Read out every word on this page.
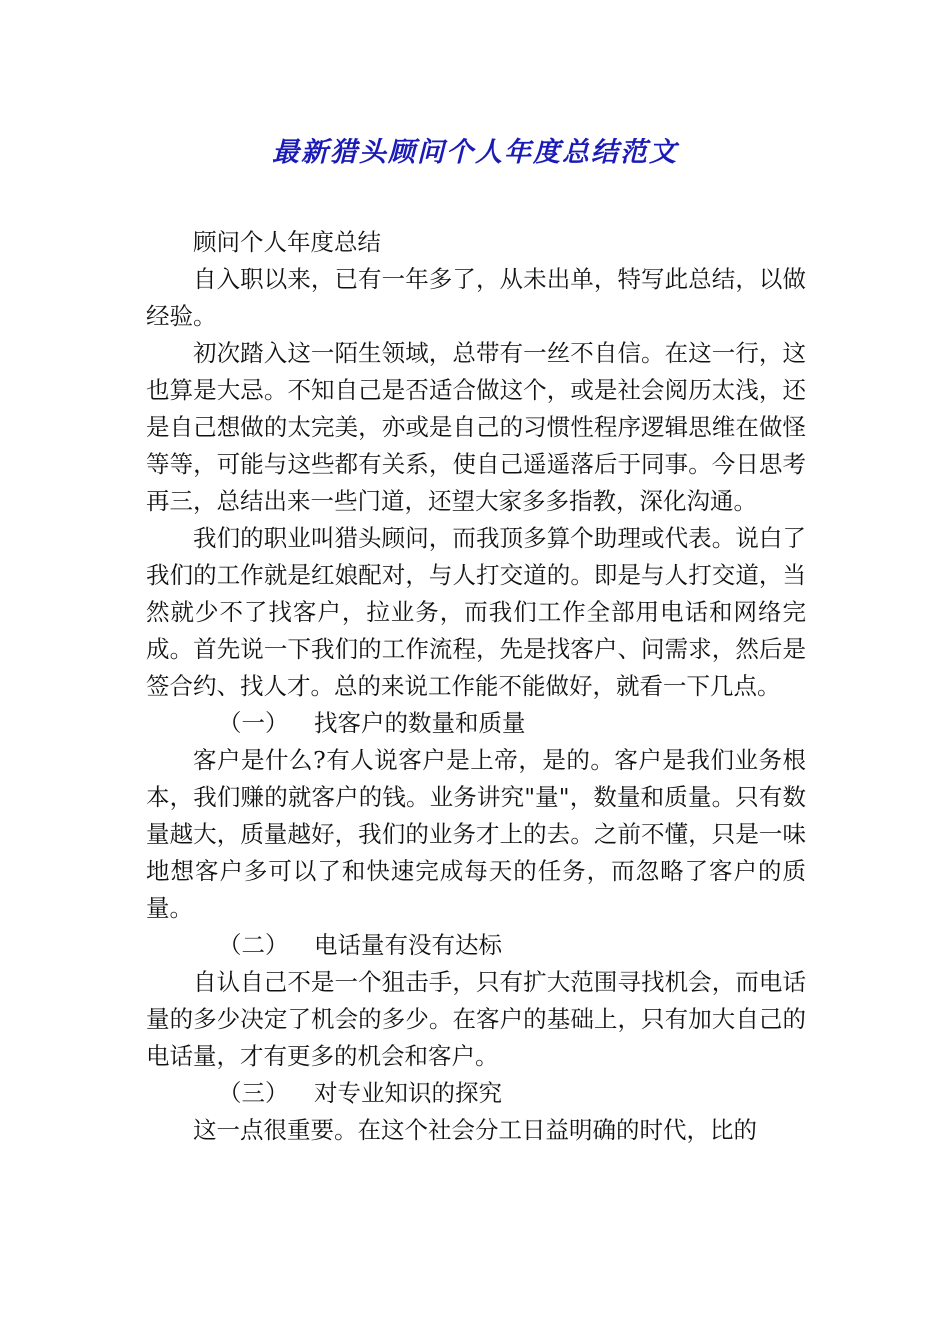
最新猎头顾问个人年度总结范文

顾问个人年度总结

自入职以来，已有一年多了，从未出单，特写此总结，以做经验。

初次踏入这一陌生领域，总带有一丝不自信。在这一行，这也算是大忌。不知自己是否适合做这个，或是社会阅历太浅，还是自己想做的太完美，亦或是自己的习惯性程序逻辑思维在做怪等等，可能与这些都有关系，使自己遥遥落后于同事。今日思考再三，总结出来一些门道，还望大家多多指教，深化沟通。

我们的职业叫猎头顾问，而我顶多算个助理或代表。说白了我们的工作就是红娘配对，与人打交道的。即是与人打交道，当然就少不了找客户，拉业务，而我们工作全部用电话和网络完成。首先说一下我们的工作流程，先是找客户、问需求，然后是签合约、找人才。总的来说工作能不能做好，就看一下几点。

（一） 找客户的数量和质量

客户是什么?有人说客户是上帝，是的。客户是我们业务根本，我们赚的就客户的钱。业务讲究"量"，数量和质量。只有数量越大，质量越好，我们的业务才上的去。之前不懂，只是一味地想客户多可以了和快速完成每天的任务，而忽略了客户的质量。

（二） 电话量有没有达标

自认自己不是一个狙击手，只有扩大范围寻找机会，而电话量的多少决定了机会的多少。在客户的基础上，只有加大自己的电话量，才有更多的机会和客户。

（三） 对专业知识的探究

这一点很重要。在这个社会分工日益明确的时代，比的
